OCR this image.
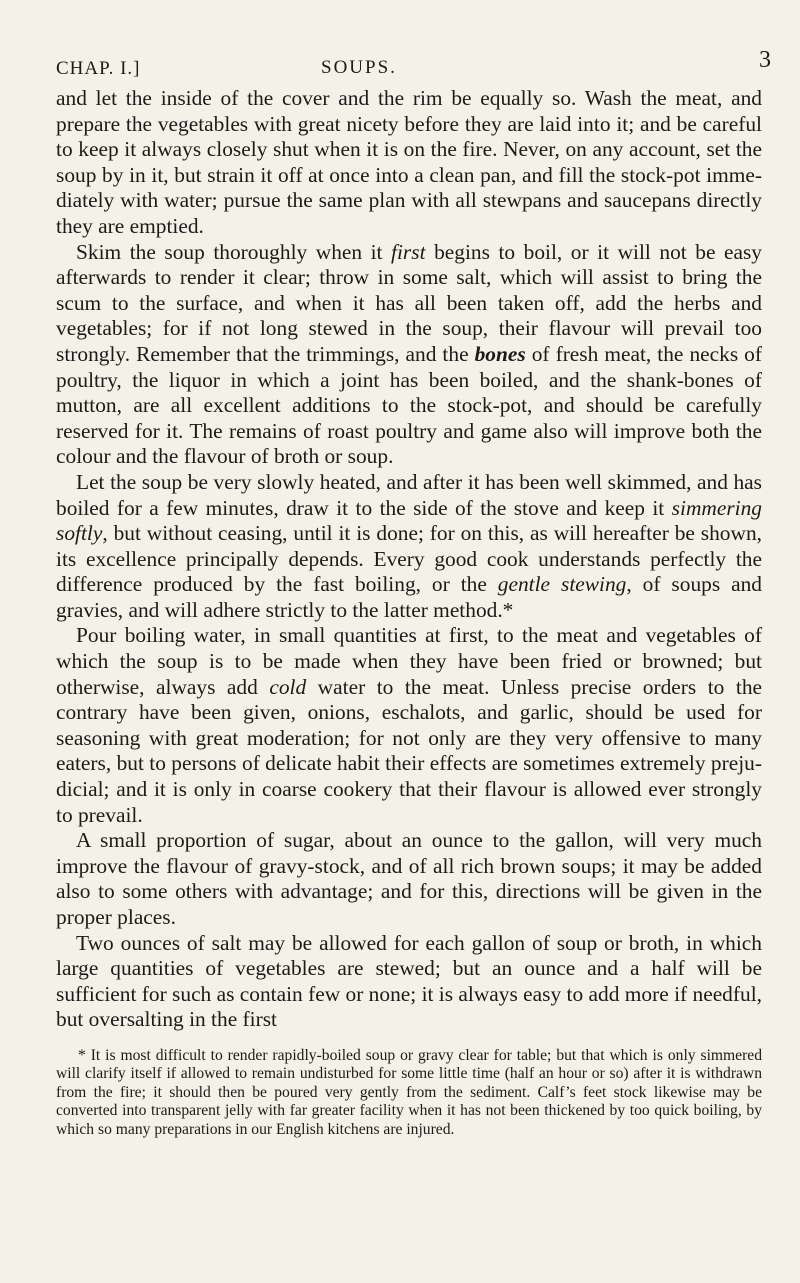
CHAP. I.]	SOUPS.	3

and let the inside of the cover and the rim be equally so. Wash the meat, and prepare the vegetables with great nicety before they are laid into it; and be careful to keep it always closely shut when it is on the fire. Never, on any account, set the soup by in it, but strain it off at once into a clean pan, and fill the stock-pot immediately with water; pursue the same plan with all stewpans and saucepans directly they are emptied.

Skim the soup thoroughly when it first begins to boil, or it will not be easy afterwards to render it clear; throw in some salt, which will assist to bring the scum to the surface, and when it has all been taken off, add the herbs and vegetables; for if not long stewed in the soup, their flavour will prevail too strongly. Remember that the trimmings, and the bones of fresh meat, the necks of poultry, the liquor in which a joint has been boiled, and the shank-bones of mutton, are all excellent additions to the stock-pot, and should be carefully reserved for it. The remains of roast poultry and game also will improve both the colour and the flavour of broth or soup.

Let the soup be very slowly heated, and after it has been well skimmed, and has boiled for a few minutes, draw it to the side of the stove and keep it simmering softly, but without ceasing, until it is done; for on this, as will hereafter be shown, its excellence principally depends. Every good cook understands perfectly the difference produced by the fast boiling, or the gentle stewing, of soups and gravies, and will adhere strictly to the latter method.*

Pour boiling water, in small quantities at first, to the meat and vegetables of which the soup is to be made when they have been fried or browned; but otherwise, always add cold water to the meat. Unless precise orders to the contrary have been given, onions, eschalots, and garlic, should be used for seasoning with great moderation; for not only are they very offensive to many eaters, but to persons of delicate habit their effects are sometimes extremely prejudicial; and it is only in coarse cookery that their flavour is allowed ever strongly to prevail.

A small proportion of sugar, about an ounce to the gallon, will very much improve the flavour of gravy-stock, and of all rich brown soups; it may be added also to some others with advantage; and for this, directions will be given in the proper places.

Two ounces of salt may be allowed for each gallon of soup or broth, in which large quantities of vegetables are stewed; but an ounce and a half will be sufficient for such as contain few or none; it is always easy to add more if needful, but oversalting in the first

* It is most difficult to render rapidly-boiled soup or gravy clear for table; but that which is only simmered will clarify itself if allowed to remain undisturbed for some little time (half an hour or so) after it is withdrawn from the fire; it should then be poured very gently from the sediment. Calf’s feet stock likewise may be converted into transparent jelly with far greater facility when it has not been thickened by too quick boiling, by which so many preparations in our English kitchens are injured.
